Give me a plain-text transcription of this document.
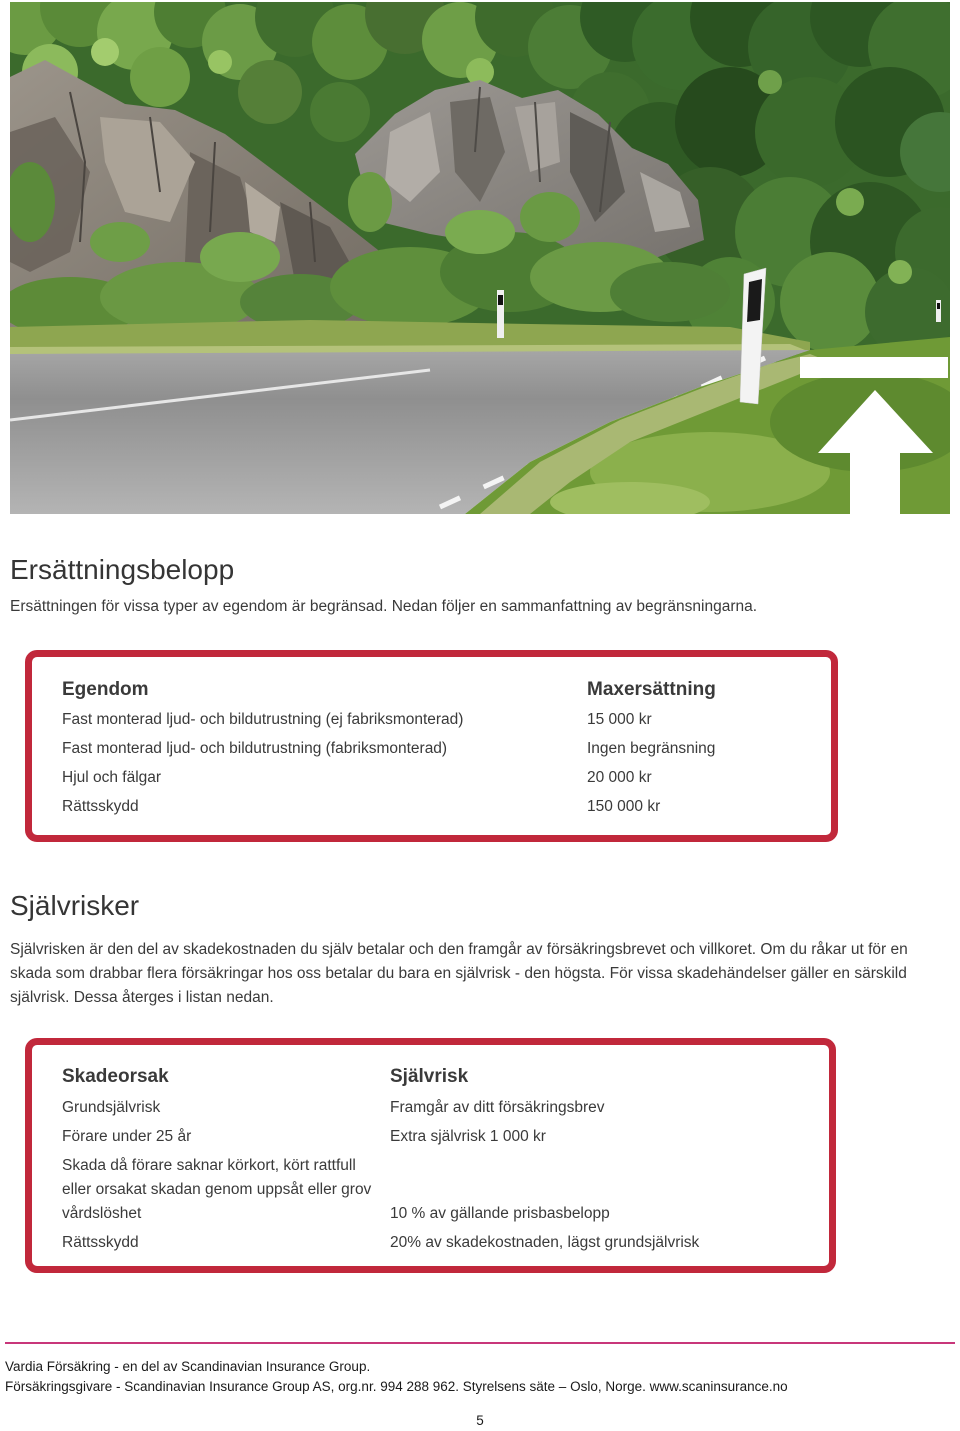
Ersättningsbelopp

Ersättningen för vissa typer av egendom är begränsad. Nedan följer en sammanfattning av begränsningarna.

Egendom	Maxersättning
Fast monterad ljud- och bildutrustning (ej fabriksmonterad)	15 000 kr
Fast monterad ljud- och bildutrustning (fabriksmonterad)	Ingen begränsning
Hjul och fälgar	20 000 kr
Rättsskydd	150 000 kr
Självrisker

Självrisken är den del av skadekostnaden du själv betalar och den framgår av försäkringsbrevet och villkoret. Om du råkar ut för en skada som drabbar flera försäkringar hos oss betalar du bara en självrisk - den högsta. För vissa skadehändelser gäller en särskild självrisk. Dessa återges i listan nedan.

Skadeorsak	Självrisk
Grundsjälvrisk	Framgår av ditt försäkringsbrev
Förare under 25 år	Extra självrisk 1 000 kr
Skada då förare saknar körkort, kört rattfull eller orsakat skadan genom uppsåt eller grov vårdslöshet	10 % av gällande prisbasbelopp
Rättsskydd	20% av skadekostnaden, lägst grundsjälvrisk

Vardia Försäkring - en del av Scandinavian Insurance Group.

Försäkringsgivare - Scandinavian Insurance Group AS, org.nr. 994 288 962. Styrelsens säte – Oslo, Norge. www.scaninsurance.no

5
